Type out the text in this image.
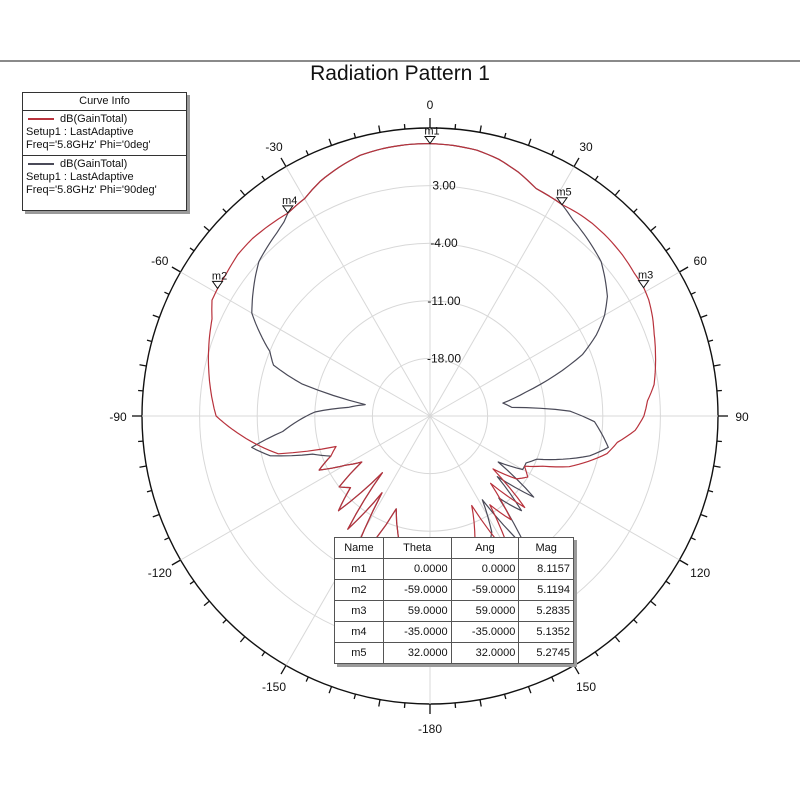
Radiation Pattern 1
0
30
60
90
120
150
-180
-150
-120
-90
-60
-30
3.00
-4.00
-11.00
-18.00
m1
m2	m3
m4
m5
Curve Info
dB(GainTotal)
Setup1 : LastAdaptive
Freq='5.8GHz' Phi='0deg'
dB(GainTotal)
Setup1 : LastAdaptive
Freq='5.8GHz' Phi='90deg'
Name	Theta	Ang	Mag
m1	0.0000	0.0000	8.1157
m2	-59.0000	-59.0000	5.1194
m3	59.0000	59.0000	5.2835
m4	-35.0000	-35.0000	5.1352
m5	32.0000	32.0000	5.2745
